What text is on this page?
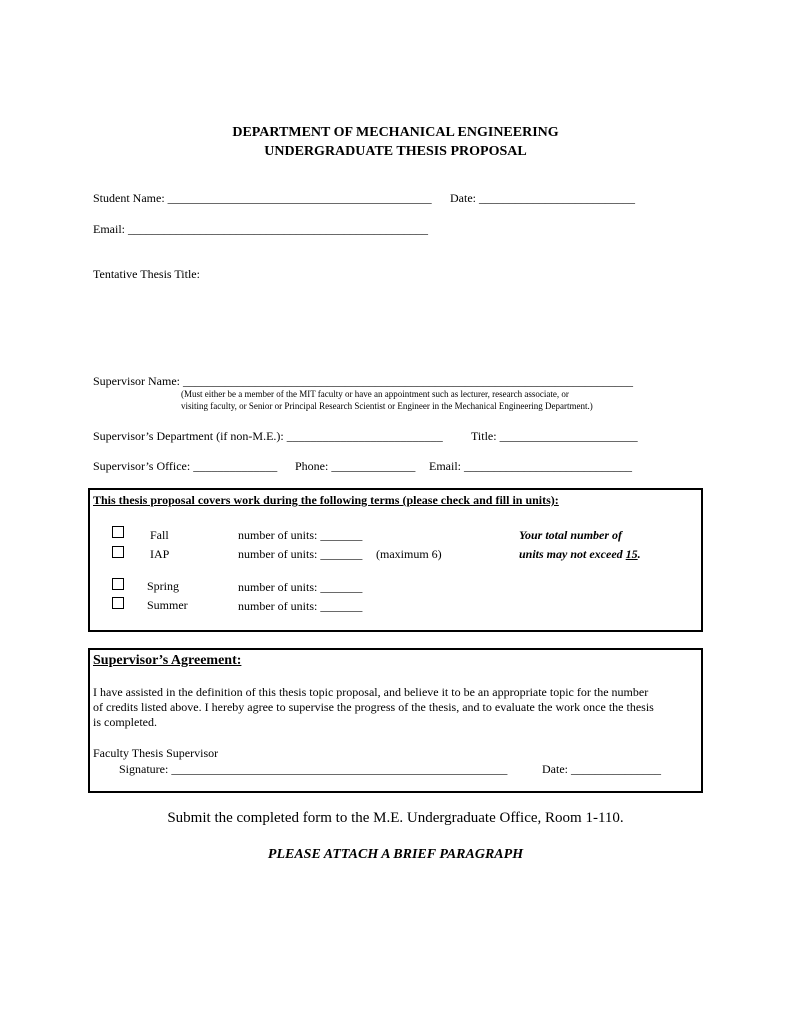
DEPARTMENT OF MECHANICAL ENGINEERING
UNDERGRADUATE THESIS PROPOSAL
Student Name: ____________________________________________ Date: __________________________
Email: __________________________________________________
Tentative Thesis Title:
Supervisor Name: ___________________________________________________________________________
(Must either be a member of the MIT faculty or have an appointment such as lecturer, research associate, or
visiting faculty, or Senior or Principal Research Scientist or Engineer in the Mechanical Engineering Department.)
Supervisor’s Department (if non-M.E.): __________________________ Title: _______________________
Supervisor’s Office: ______________ Phone: ______________ Email: ____________________________
This thesis proposal covers work during the following terms (please check and fill in units):
Fall	number of units: _______
IAP	number of units: _______ (maximum 6)
Spring	number of units: _______
Summer	number of units: _______
Your total number of
units may not exceed 15.
Supervisor’s Agreement:
I have assisted in the definition of this thesis topic proposal, and believe it to be an appropriate topic for the number
of credits listed above. I hereby agree to supervise the progress of the thesis, and to evaluate the work once the thesis
is completed.
Faculty Thesis Supervisor
Signature: ________________________________________________________	Date: _______________
Submit the completed form to the M.E. Undergraduate Office, Room 1-110.
PLEASE ATTACH A BRIEF PARAGRAPH
